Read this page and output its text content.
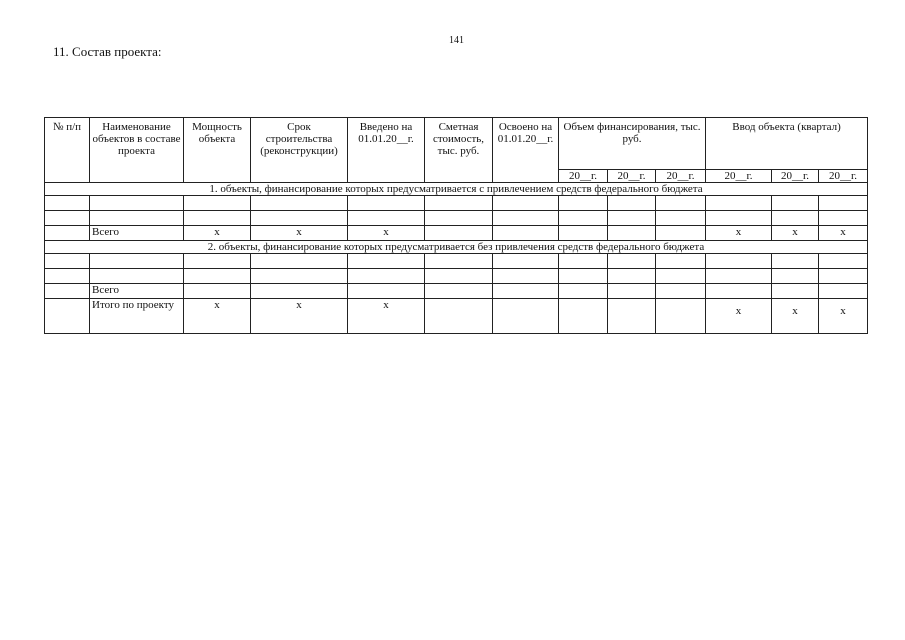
141
11. Состав проекта:
№ п/п	Наименование объектов в составе проекта	Мощность объекта	Срок строительства (реконструкции)	Введено на 01.01.20__г.	Сметная стоимость, тыс. руб.	Освоено на 01.01.20__г.	Объем финансирования, тыс. руб.			Ввод объекта (квартал)		
							20__г.	20__г.	20__г.	20__г.	20__г.	20__г.
1. объекты, финансирование которых предусматривается с привлечением средств федерального бюджета												

	Всего	x	x	x						x	x	x
2. объекты, финансирование которых предусматривается без привлечения средств федерального бюджета												

	Всего											
	Итого по проекту	x	x	x						x	x	x
